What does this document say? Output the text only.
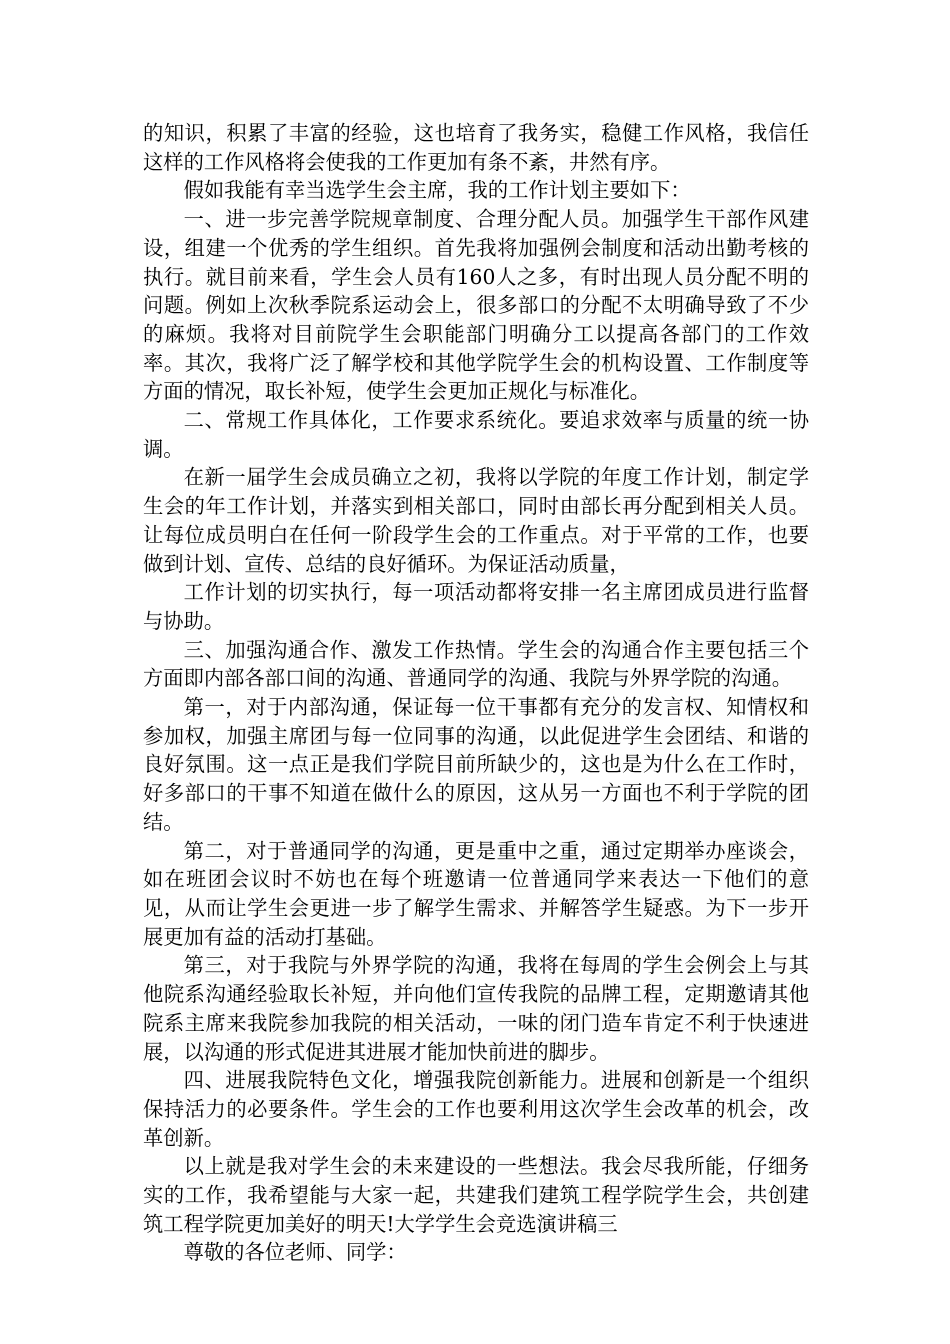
的知识，积累了丰富的经验，这也培育了我务实，稳健工作风格，我信任这样的工作风格将会使我的工作更加有条不紊，井然有序。

假如我能有幸当选学生会主席，我的工作计划主要如下：

一、进一步完善学院规章制度、合理分配人员。加强学生干部作风建设，组建一个优秀的学生组织。首先我将加强例会制度和活动出勤考核的执行。就目前来看，学生会人员有160人之多，有时出现人员分配不明的问题。例如上次秋季院系运动会上，很多部口的分配不太明确导致了不少的麻烦。我将对目前院学生会职能部门明确分工以提高各部门的工作效率。其次，我将广泛了解学校和其他学院学生会的机构设置、工作制度等方面的情况，取长补短，使学生会更加正规化与标准化。

二、常规工作具体化，工作要求系统化。要追求效率与质量的统一协调。

在新一届学生会成员确立之初，我将以学院的年度工作计划，制定学生会的年工作计划，并落实到相关部口，同时由部长再分配到相关人员。让每位成员明白在任何一阶段学生会的工作重点。对于平常的工作，也要做到计划、宣传、总结的良好循环。为保证活动质量，

工作计划的切实执行，每一项活动都将安排一名主席团成员进行监督与协助。

三、加强沟通合作、激发工作热情。学生会的沟通合作主要包括三个方面即内部各部口间的沟通、普通同学的沟通、我院与外界学院的沟通。

第一，对于内部沟通，保证每一位干事都有充分的发言权、知情权和参加权，加强主席团与每一位同事的沟通，以此促进学生会团结、和谐的良好氛围。这一点正是我们学院目前所缺少的，这也是为什么在工作时，好多部口的干事不知道在做什么的原因，这从另一方面也不利于学院的团结。

第二，对于普通同学的沟通，更是重中之重，通过定期举办座谈会，如在班团会议时不妨也在每个班邀请一位普通同学来表达一下他们的意见，从而让学生会更进一步了解学生需求、并解答学生疑惑。为下一步开展更加有益的活动打基础。

第三，对于我院与外界学院的沟通，我将在每周的学生会例会上与其他院系沟通经验取长补短，并向他们宣传我院的品牌工程，定期邀请其他院系主席来我院参加我院的相关活动，一味的闭门造车肯定不利于快速进展，以沟通的形式促进其进展才能加快前进的脚步。

四、进展我院特色文化，增强我院创新能力。进展和创新是一个组织保持活力的必要条件。学生会的工作也要利用这次学生会改革的机会，改革创新。

以上就是我对学生会的未来建设的一些想法。我会尽我所能，仔细务实的工作，我希望能与大家一起，共建我们建筑工程学院学生会，共创建筑工程学院更加美好的明天!大学学生会竞选演讲稿三

尊敬的各位老师、同学：
